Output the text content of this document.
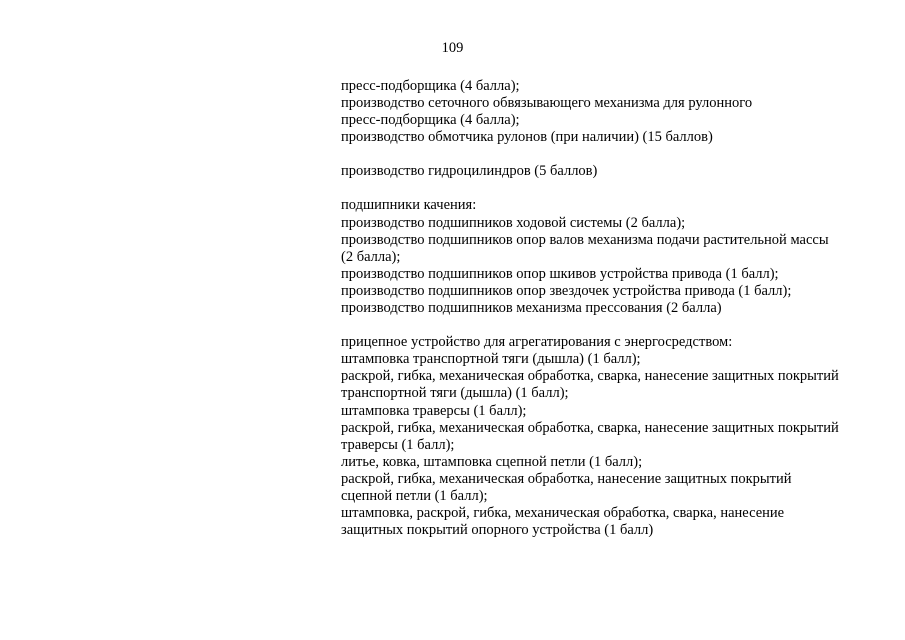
109

пресс-подборщика (4 балла);

производство сеточного обвязывающего механизма для рулонного

пресс-подборщика (4 балла);

производство обмотчика рулонов (при наличии) (15 баллов)

производство гидроцилиндров (5 баллов)

подшипники качения:

производство подшипников ходовой системы (2 балла);

производство подшипников опор валов механизма подачи растительной массы

(2 балла);

производство подшипников опор шкивов устройства привода (1 балл);

производство подшипников опор звездочек устройства привода (1 балл);

производство подшипников механизма прессования (2 балла)

прицепное устройство для агрегатирования с энергосредством:

штамповка транспортной тяги (дышла) (1 балл);

раскрой, гибка, механическая обработка, сварка, нанесение защитных покрытий

транспортной тяги (дышла) (1 балл);

штамповка траверсы (1 балл);

раскрой, гибка, механическая обработка, сварка, нанесение защитных покрытий

траверсы (1 балл);

литье, ковка, штамповка сцепной петли (1 балл);

раскрой, гибка, механическая обработка, нанесение защитных покрытий

сцепной петли (1 балл);

штамповка, раскрой, гибка, механическая обработка, сварка, нанесение

защитных покрытий опорного устройства (1 балл)
